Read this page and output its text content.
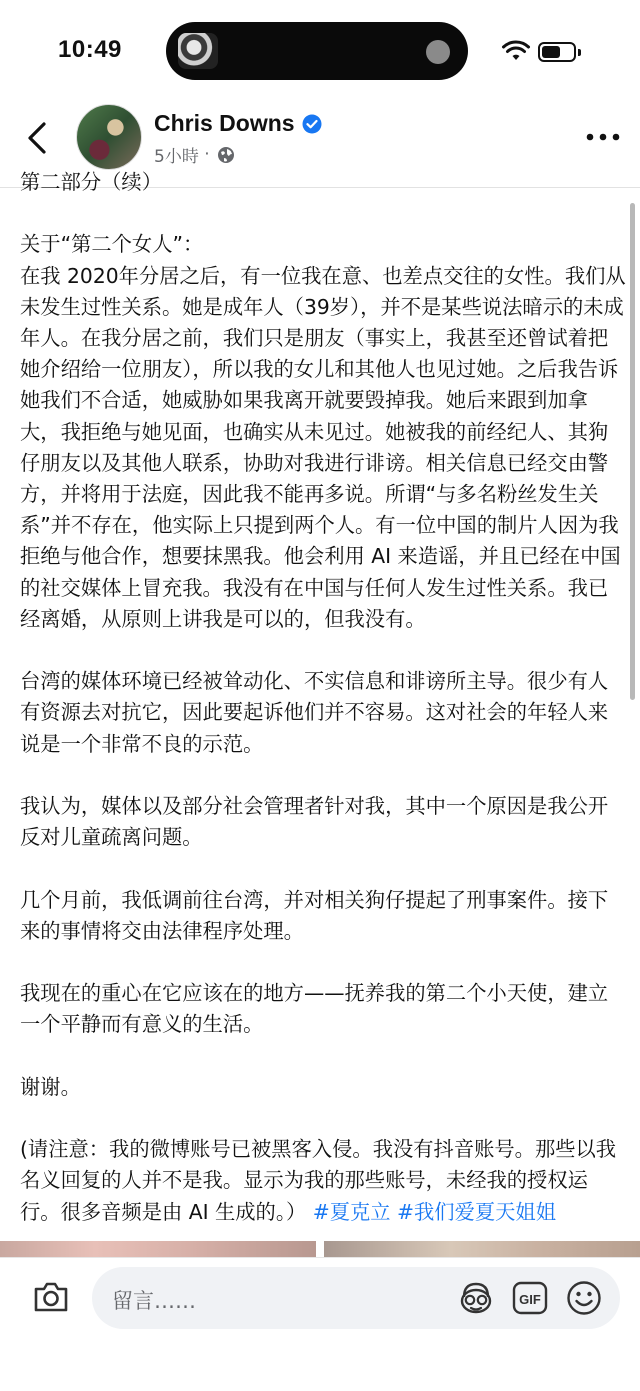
10:49
Chris Downs
5小時 ·

第二部分（续）

关于“第二个女人”：
在我 2020年分居之后，有一位我在意、也差点交往的女性。我们从未发生过性关系。她是成年人（39岁），并不是某些说法暗示的未成年人。在我分居之前，我们只是朋友（事实上，我甚至还曾试着把她介绍给一位朋友），所以我的女儿和其他人也见过她。之后我告诉她我们不合适，她威胁如果我离开就要毁掉我。她后来跟到加拿大，我拒绝与她见面，也确实从未见过。她被我的前经纪人、其狗仔朋友以及其他人联系，协助对我进行诽谤。相关信息已经交由警方，并将用于法庭，因此我不能再多说。所谓“与多名粉丝发生关系”并不存在，他实际上只提到两个人。有一位中国的制片人因为我拒绝与他合作，想要抹黑我。他会利用 AI 来造谣，并且已经在中国的社交媒体上冒充我。我没有在中国与任何人发生过性关系。我已经离婚，从原则上讲我是可以的，但我没有。

台湾的媒体环境已经被耸动化、不实信息和诽谤所主导。很少有人有资源去对抗它，因此要起诉他们并不容易。这对社会的年轻人来说是一个非常不良的示范。

我认为，媒体以及部分社会管理者针对我，其中一个原因是我公开反对儿童疏离问题。

几个月前，我低调前往台湾，并对相关狗仔提起了刑事案件。接下来的事情将交由法律程序处理。

我现在的重心在它应该在的地方——抚养我的第二个小天使，建立一个平静而有意义的生活。

谢谢。

(请注意：我的微博账号已被黑客入侵。我没有抖音账号。那些以我名义回复的人并不是我。显示为我的那些账号，未经我的授权运行。很多音频是由 AI 生成的。） #夏克立 #我们爱夏天姐姐

留言……	GIF
